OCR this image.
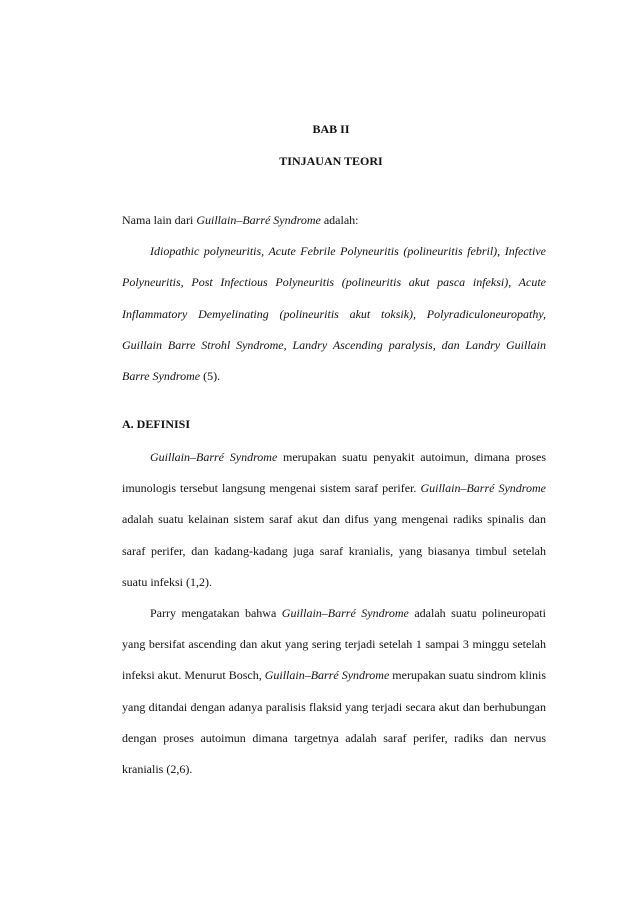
BAB II
TINJAUAN TEORI

Nama lain dari Guillain–Barré Syndrome adalah:

Idiopathic polyneuritis, Acute Febrile Polyneuritis (polineuritis febril), Infective Polyneuritis, Post Infectious Polyneuritis (polineuritis akut pasca infeksi), Acute Inflammatory Demyelinating (polineuritis akut toksik), Polyradiculoneuropathy, Guillain Barre Strohl Syndrome, Landry Ascending paralysis, dan Landry Guillain Barre Syndrome (5).

A. DEFINISI

Guillain–Barré Syndrome merupakan suatu penyakit autoimun, dimana proses imunologis tersebut langsung mengenai sistem saraf perifer. Guillain–Barré Syndrome adalah suatu kelainan sistem saraf akut dan difus yang mengenai radiks spinalis dan saraf perifer, dan kadang-kadang juga saraf kranialis, yang biasanya timbul setelah suatu infeksi (1,2).

Parry mengatakan bahwa Guillain–Barré Syndrome adalah suatu polineuropati yang bersifat ascending dan akut yang sering terjadi setelah 1 sampai 3 minggu setelah infeksi akut. Menurut Bosch, Guillain–Barré Syndrome merupakan suatu sindrom klinis yang ditandai dengan adanya paralisis flaksid yang terjadi secara akut dan berhubungan dengan proses autoimun dimana targetnya adalah saraf perifer, radiks dan nervus kranialis (2,6).
